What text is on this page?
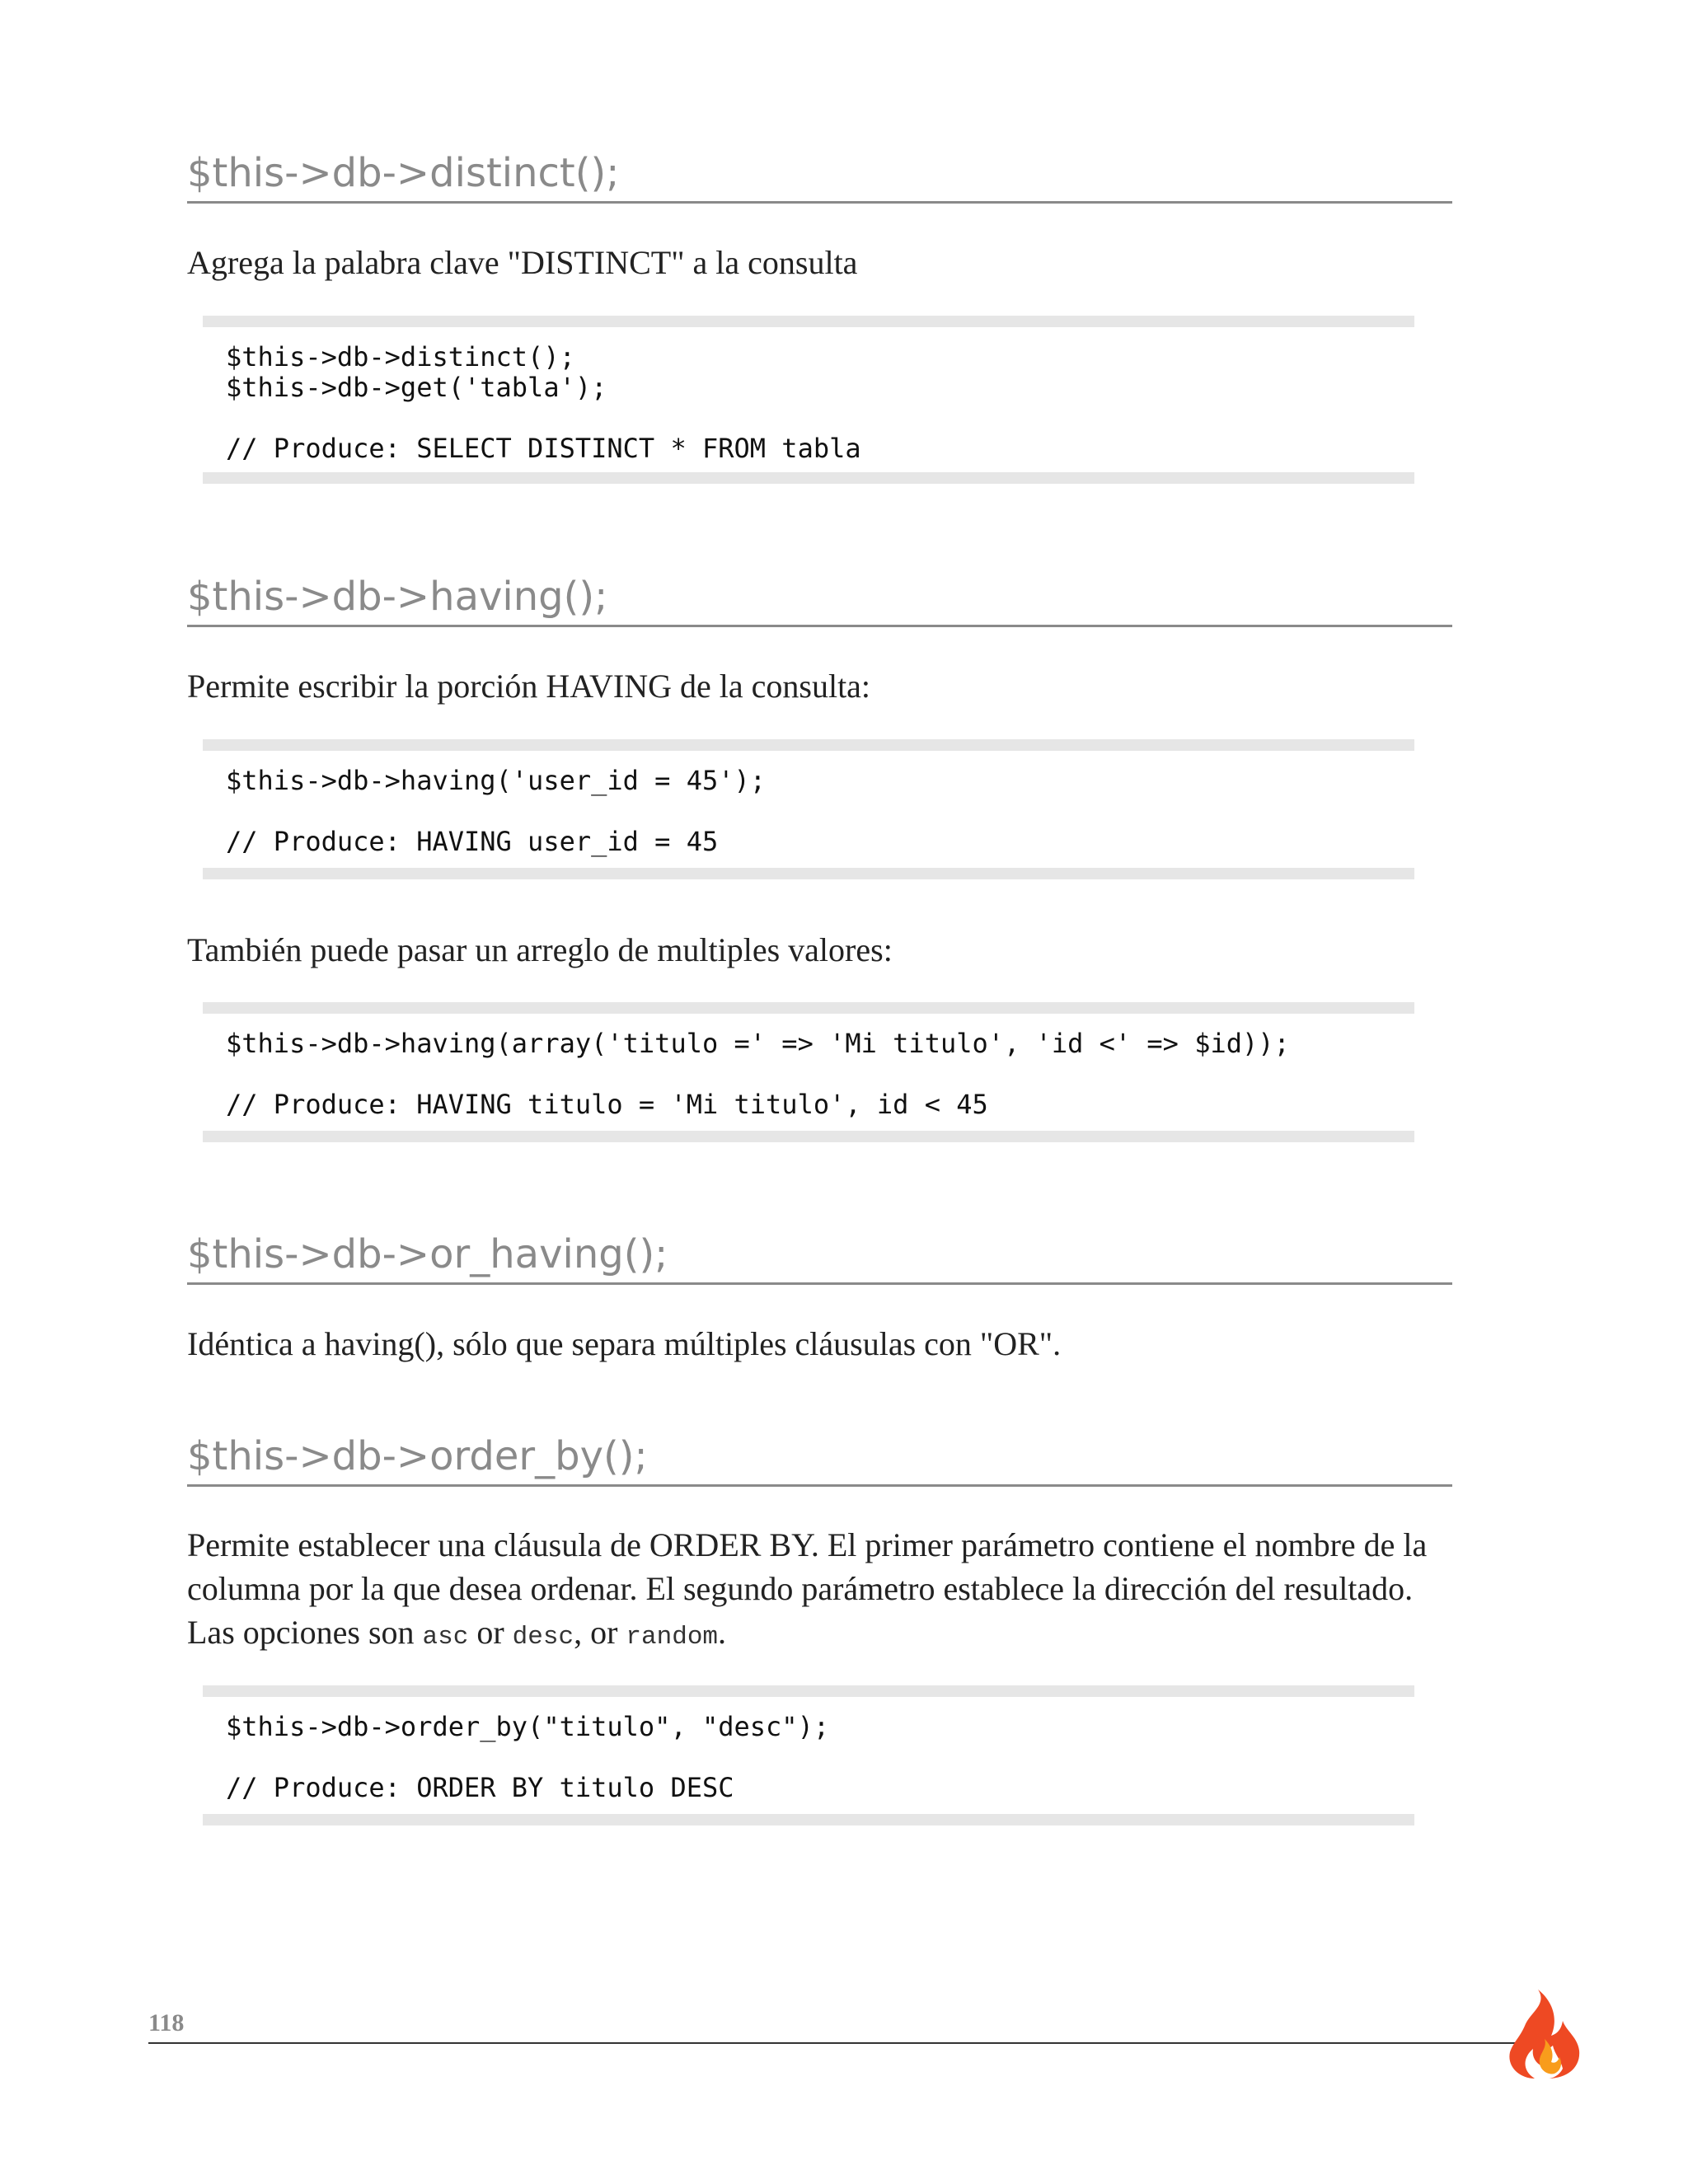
$this->db->distinct();
Agrega la palabra clave "DISTINCT" a la consulta
$this->db->distinct();
$this->db->get('tabla');
// Produce: SELECT DISTINCT * FROM tabla
$this->db->having();
Permite escribir la porción HAVING de la consulta:
$this->db->having('user_id = 45');
// Produce: HAVING user_id = 45
También puede pasar un arreglo de multiples valores:
$this->db->having(array('titulo =' => 'Mi titulo', 'id <' => $id));
// Produce: HAVING titulo = 'Mi titulo', id < 45
$this->db->or_having();
Idéntica a having(), sólo que separa múltiples cláusulas con "OR".
$this->db->order_by();
Permite establecer una cláusula de ORDER BY. El primer parámetro contiene el nombre de la columna por la que desea ordenar. El segundo parámetro establece la dirección del resultado. Las opciones son asc or desc, or random.
$this->db->order_by("titulo", "desc");
// Produce: ORDER BY titulo DESC
118
